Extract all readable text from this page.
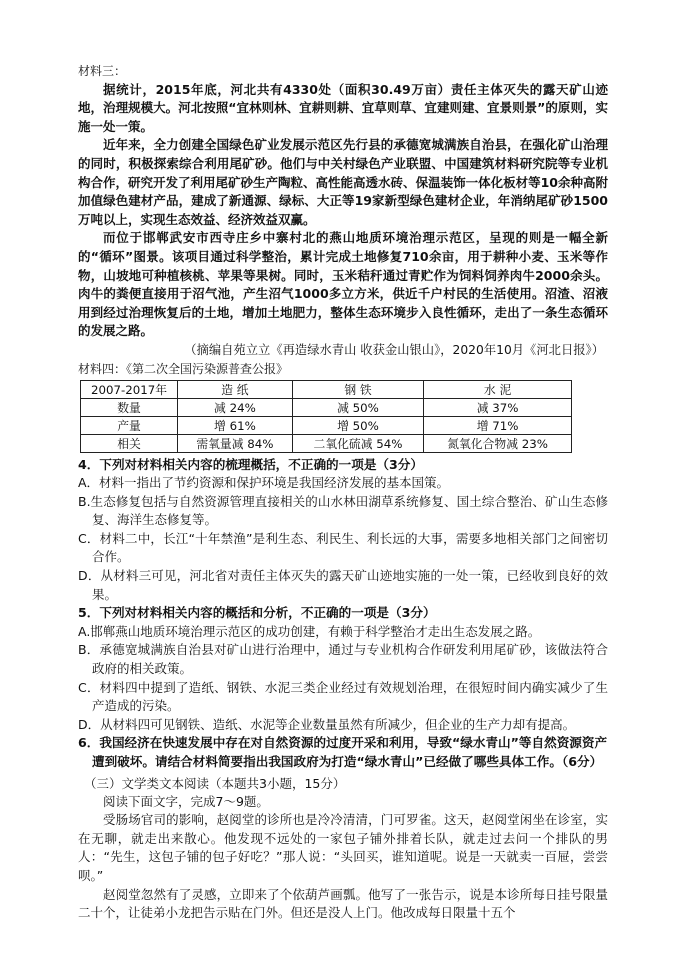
材料三：

据统计，2015年底，河北共有4330处（面积30.49万亩）责任主体灭失的露天矿山迹地，治理规模大。河北按照“宜林则林、宜耕则耕、宜草则草、宜建则建、宜景则景”的原则，实施一处一策。

近年来，全力创建全国绿色矿业发展示范区先行县的承德宽城满族自治县，在强化矿山治理的同时，积极探索综合利用尾矿砂。他们与中关村绿色产业联盟、中国建筑材料研究院等专业机构合作，研究开发了利用尾矿砂生产陶粒、高性能高透水砖、保温装饰一体化板材等10余种高附加值绿色建材产品，建成了新通源、绿标、大正等19家新型绿色建材企业，年消纳尾矿砂1500万吨以上，实现生态效益、经济效益双赢。

而位于邯郸武安市西寺庄乡中寨村北的燕山地质环境治理示范区，呈现的则是一幅全新的“循环”图景。该项目通过科学整治，累计完成土地修复710余亩，用于耕种小麦、玉米等作物，山坡地可种植核桃、苹果等果树。同时，玉米秸秆通过青贮作为饲料饲养肉牛2000余头。肉牛的粪便直接用于沼气池，产生沼气1000多立方米，供近千户村民的生活使用。沼渣、沼液用到经过治理恢复后的土地，增加土地肥力，整体生态环境步入良性循环，走出了一条生态循环的发展之路。

（摘编自苑立立《再造绿水青山 收获金山银山》，2020年10月《河北日报》）

材料四：《第二次全国污染源普查公报》

2007-2017年	造 纸	钢 铁	水 泥
数量	减 24%	减 50%	减 37%
产量	增 61%	增 50%	增 71%
相关	需氧量减 84%	二氧化硫减 54%	氮氧化合物减 23%

4．下列对材料相关内容的梳理概括，不正确的一项是（3分）

A．材料一指出了节约资源和保护环境是我国经济发展的基本国策。

B.生态修复包括与自然资源管理直接相关的山水林田湖草系统修复、国土综合整治、矿山生态修复、海洋生态修复等。

C．材料二中，长江“十年禁渔”是利生态、利民生、利长远的大事，需要多地相关部门之间密切合作。

D．从材料三可见，河北省对责任主体灭失的露天矿山迹地实施的一处一策，已经收到良好的效果。

5．下列对材料相关内容的概括和分析，不正确的一项是（3分）

A.邯郸燕山地质环境治理示范区的成功创建，有赖于科学整治才走出生态发展之路。

B．承德宽城满族自治县对矿山进行治理中，通过与专业机构合作研发利用尾矿砂，该做法符合政府的相关政策。

C．材料四中提到了造纸、钢铁、水泥三类企业经过有效规划治理，在很短时间内确实减少了生产造成的污染。

D．从材料四可见钢铁、造纸、水泥等企业数量虽然有所减少，但企业的生产力却有提高。

6．我国经济在快速发展中存在对自然资源的过度开采和利用，导致“绿水青山”等自然资源资产遭到破坏。请结合材料简要指出我国政府为打造“绿水青山”已经做了哪些具体工作。（6分）

（三）文学类文本阅读（本题共3小题，15分）

阅读下面文字，完成7～9题。

受肠场官司的影响，赵阅堂的诊所也是冷冷清清，门可罗雀。这天，赵阅堂闲坐在诊室，实在无聊，就走出来散心。他发现不远处的一家包子铺外排着长队，就走过去问一个排队的男人：“先生，这包子铺的包子好吃？”那人说：“头回买，谁知道呢。说是一天就卖一百屉，尝尝呗。”

赵阅堂忽然有了灵感，立即来了个依葫芦画瓢。他写了一张告示，说是本诊所每日挂号限量二十个，让徒弟小龙把告示贴在门外。但还是没人上门。他改成每日限量十五个
